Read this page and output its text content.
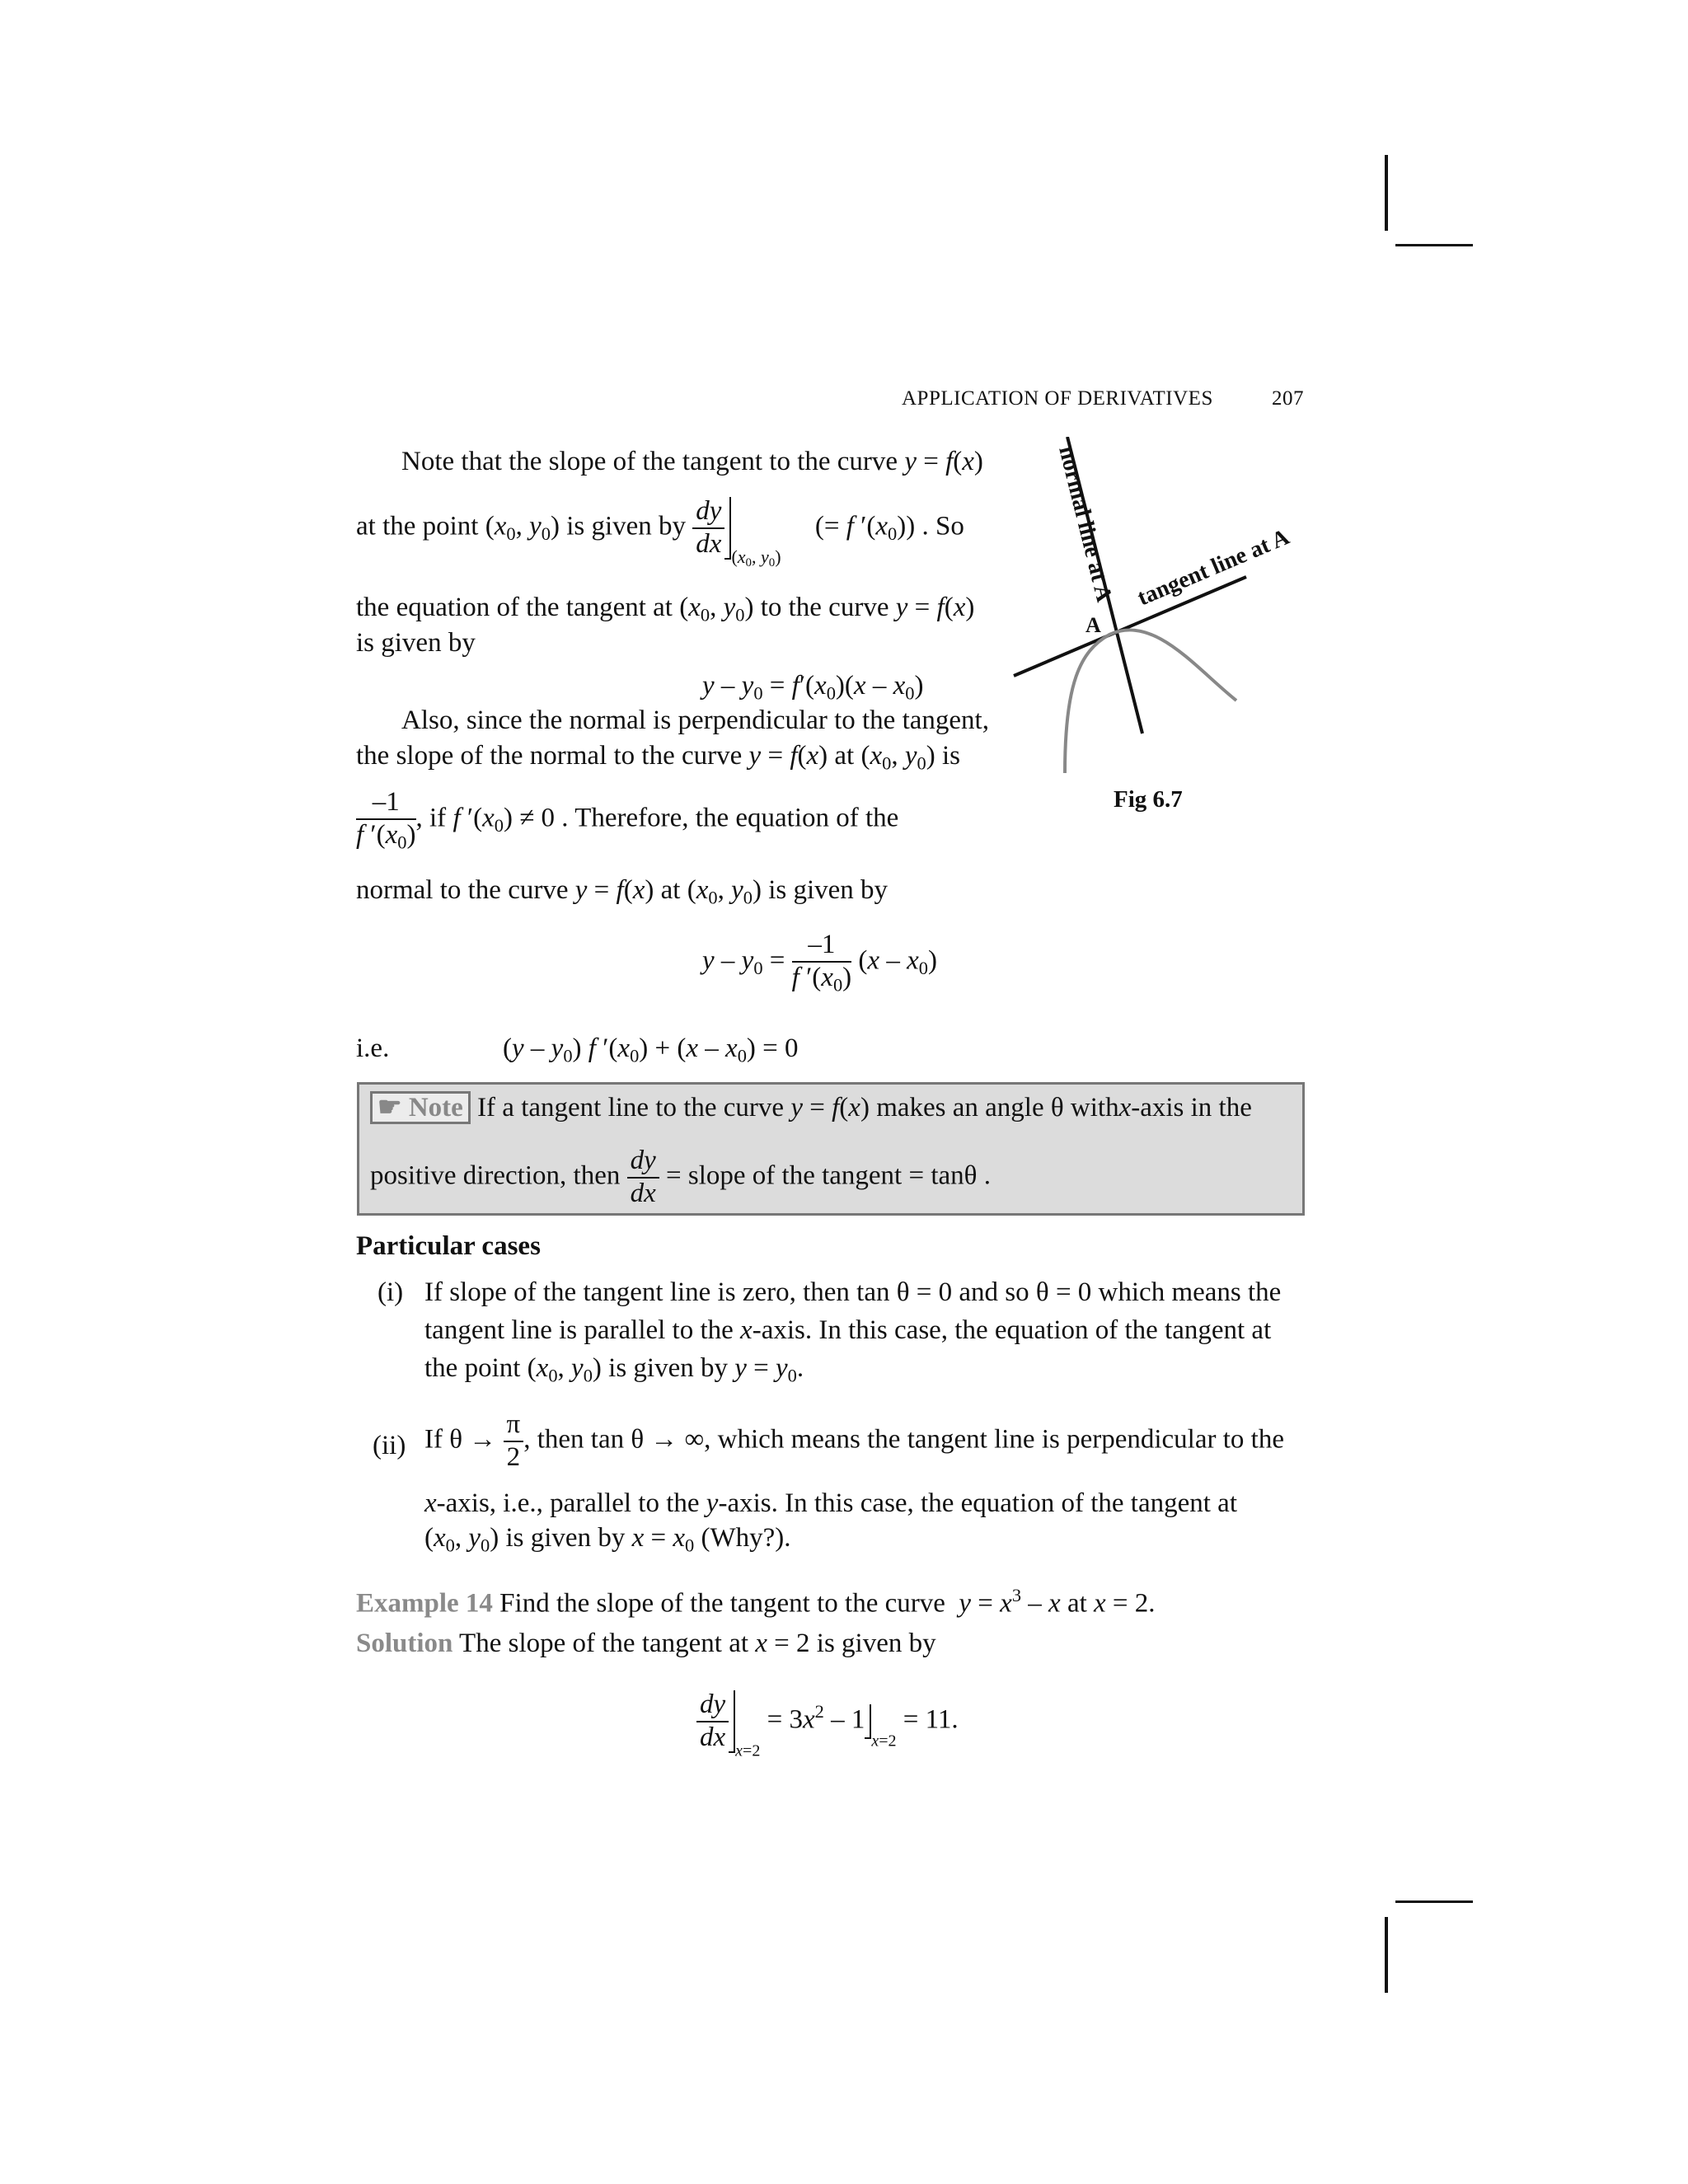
APPLICATION OF DERIVATIVES	207
Note that the slope of the tangent to the curve y = f(x)
at the point ($x_0$, $y_0$) is given by $\frac{dy}{dx} _{(x_0, y_0)}$     (= f $'(x_0)$) . So
the equation of the tangent at ($x_0$, $y_0$) to the curve y = f(x)
is given by
$y - y_0 = f'(x_0)(x - x_0)$
Also, since the normal is perpendicular to the tangent,
the slope of the normal to the curve y = f(x) at ($x_0$, $y_0$) is
$\frac{-1}{f '(x_0)}$ , if f $'(x_0) \ne 0$ . Therefore, the equation of the
normal to the curve y = f(x) at ($x_0$, $y_0$) is given by
$y - y_0 = \frac{-1}{f '(x_0)} (x - x_0)$
i.e.	$(y - y_0)$ f $'(x_0) + (x - x_0) = 0$
A
normal line at A tangent line at A
Fig 6.7
☛ Note If a tangent line to the curve y = f(x) makes an angle θ withx-axis in the
positive direction, then $\frac{dy}{dx}$ = slope of the tangent = tanθ .
Particular cases
(i) If slope of the tangent line is zero, then tan θ = 0 and so θ = 0 which means the
tangent line is parallel to the x-axis. In this case, the equation of the tangent at
the point ($x_0$, $y_0$) is given by $y = y_0$.
(ii) If $\theta \to \frac{\pi}{2}$ , then tan θ → ∞, which means the tangent line is perpendicular to the
x-axis, i.e., parallel to the y-axis. In this case, the equation of the tangent at
($x_0$, $y_0$) is given by $x = x_0$ (Why?).
Example 14 Find the slope of the tangent to the curve $y = x^3 - x$ at x = 2.
Solution The slope of the tangent at x = 2 is given by
$\frac{dy}{dx} _{x=2} = 3x^2 - 1_{x=2} = 11$.
